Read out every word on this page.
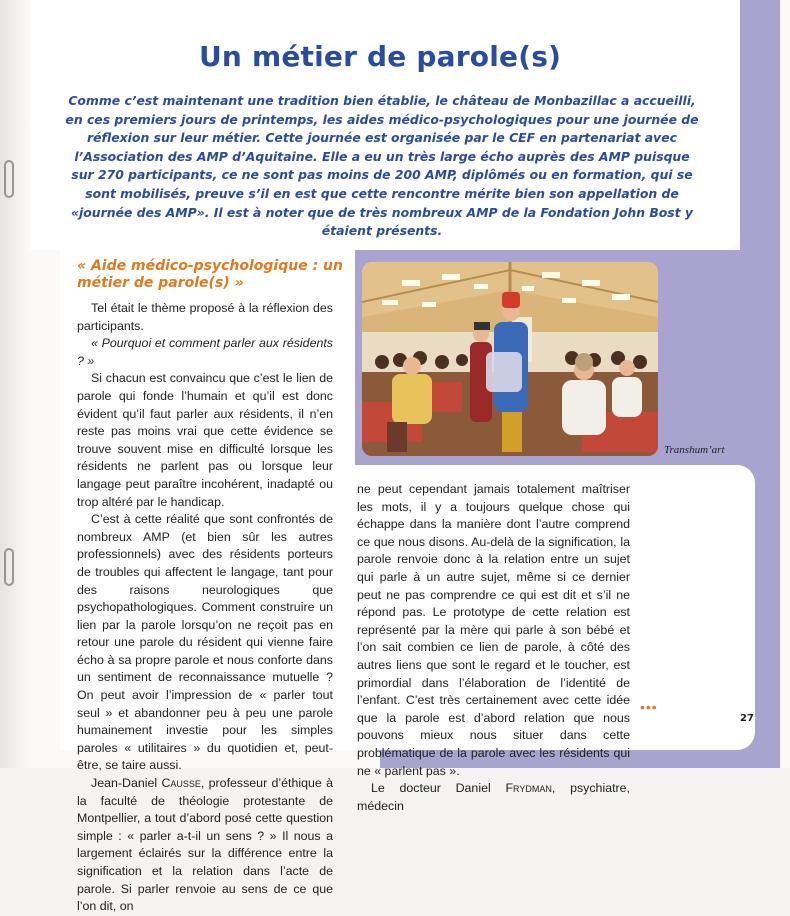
Un métier de parole(s)

Comme c’est maintenant une tradition bien établie, le château de Monbazillac a accueilli, en ces premiers jours de printemps, les aides médico-psychologiques pour une journée de réflexion sur leur métier. Cette journée est organisée par le CEF en partenariat avec l’Association des AMP d’Aquitaine. Elle a eu un très large écho auprès des AMP puisque sur 270 participants, ce ne sont pas moins de 200 AMP, diplômés ou en formation, qui se sont mobilisés, preuve s’il en est que cette rencontre mérite bien son appellation de «journée des AMP». Il est à noter que de très nombreux AMP de la Fondation John Bost y étaient présents.

« Aide médico-psychologique : un métier de parole(s) »

Tel était le thème proposé à la réflexion des participants.

« Pourquoi et comment parler aux résidents ? »

Si chacun est convaincu que c’est le lien de parole qui fonde l’humain et qu’il est donc évident qu’il faut parler aux résidents, il n’en reste pas moins vrai que cette évidence se trouve souvent mise en difficulté lorsque les résidents ne parlent pas ou lorsque leur langage peut paraître incohérent, inadapté ou trop altéré par le handicap.

C’est à cette réalité que sont confrontés de nombreux AMP (et bien sûr les autres professionnels) avec des résidents porteurs de troubles qui affectent le langage, tant pour des raisons neurologiques que psychopathologiques. Comment construire un lien par la parole lorsqu’on ne reçoit pas en retour une parole du résident qui vienne faire écho à sa propre parole et nous conforte dans un sentiment de reconnaissance mutuelle ? On peut avoir l’impression de « parler tout seul » et abandonner peu à peu une parole humainement investie pour les simples paroles « utilitaires » du quotidien et, peut-être, se taire aussi.

Jean-Daniel Causse, professeur d’éthique à la faculté de théologie protestante de Montpellier, a tout d’abord posé cette question simple : « parler a-t-il un sens ? » Il nous a largement éclairés sur la différence entre la signification et la relation dans l’acte de parole. Si parler renvoie au sens de ce que l’on dit, on

Transhum’art

ne peut cependant jamais totalement maîtriser les mots, il y a toujours quelque chose qui échappe dans la manière dont l’autre comprend ce que nous disons. Au-delà de la signification, la parole renvoie donc à la relation entre un sujet qui parle à un autre sujet, même si ce dernier peut ne pas comprendre ce qui est dit et s’il ne répond pas. Le prototype de cette relation est représenté par la mère qui parle à son bébé et l’on sait combien ce lien de parole, à côté des autres liens que sont le regard et le toucher, est primordial dans l’élaboration de l’identité de l’enfant. C’est très certainement avec cette idée que la parole est d’abord relation que nous pouvons mieux nous situer dans cette problématique de la parole avec les résidents qui ne « parlent pas ».

Le docteur Daniel Frydman, psychiatre, médecin

•••
27
